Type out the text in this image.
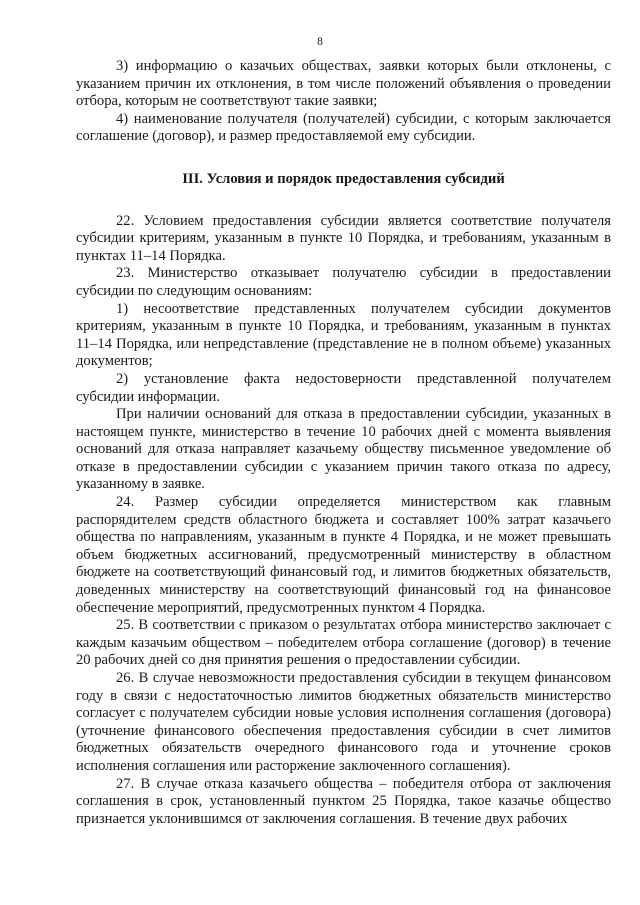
8

3) информацию о казачьих обществах, заявки которых были отклонены, с указанием причин их отклонения, в том числе положений объявления о проведении отбора, которым не соответствуют такие заявки;

4) наименование получателя (получателей) субсидии, с которым заключается соглашение (договор), и размер предоставляемой ему субсидии.

III. Условия и порядок предоставления субсидий

22. Условием предоставления субсидии является соответствие получателя субсидии критериям, указанным в пункте 10 Порядка, и требованиям, указанным в пунктах 11–14 Порядка.

23. Министерство отказывает получателю субсидии в предоставлении субсидии по следующим основаниям:

1) несоответствие представленных получателем субсидии документов критериям, указанным в пункте 10 Порядка, и требованиям, указанным в пунктах 11–14 Порядка, или непредставление (представление не в полном объеме) указанных документов;

2) установление факта недостоверности представленной получателем субсидии информации.

При наличии оснований для отказа в предоставлении субсидии, указанных в настоящем пункте, министерство в течение 10 рабочих дней с момента выявления оснований для отказа направляет казачьему обществу письменное уведомление об отказе в предоставлении субсидии с указанием причин такого отказа по адресу, указанному в заявке.

24. Размер субсидии определяется министерством как главным распорядителем средств областного бюджета и составляет 100% затрат казачьего общества по направлениям, указанным в пункте 4 Порядка, и не может превышать объем бюджетных ассигнований, предусмотренный министерству в областном бюджете на соответствующий финансовый год, и лимитов бюджетных обязательств, доведенных министерству на соответствующий финансовый год на финансовое обеспечение мероприятий, предусмотренных пунктом 4 Порядка.

25. В соответствии с приказом о результатах отбора министерство заключает с каждым казачьим обществом – победителем отбора соглашение (договор) в течение 20 рабочих дней со дня принятия решения о предоставлении субсидии.

26. В случае невозможности предоставления субсидии в текущем финансовом году в связи с недостаточностью лимитов бюджетных обязательств министерство согласует с получателем субсидии новые условия исполнения соглашения (договора) (уточнение финансового обеспечения предоставления субсидии в счет лимитов бюджетных обязательств очередного финансового года и уточнение сроков исполнения соглашения или расторжение заключенного соглашения).

27. В случае отказа казачьего общества – победителя отбора от заключения соглашения в срок, установленный пунктом 25 Порядка, такое казачье общество признается уклонившимся от заключения соглашения. В течение двух рабочих
